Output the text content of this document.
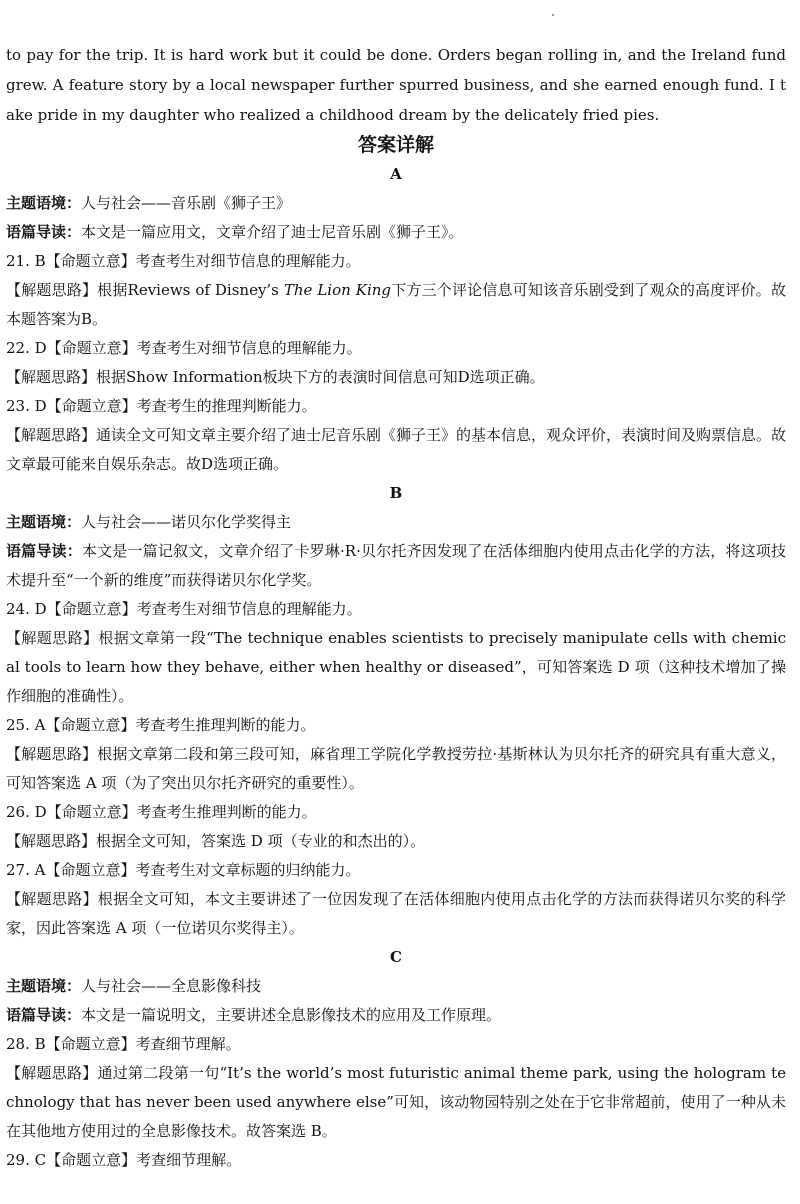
to pay for the trip. It is hard work but it could be done. Orders began rolling in, and the Ireland fund grew. A feature story by a local newspaper further spurred business, and she earned enough fund. I take pride in my daughter who realized a childhood dream by the delicately fried pies.

答案详解

A

主题语境：人与社会——音乐剧《狮子王》

语篇导读：本文是一篇应用文，文章介绍了迪士尼音乐剧《狮子王》。

21. B【命题立意】考查考生对细节信息的理解能力。

【解题思路】根据Reviews of Disney’s The Lion King下方三个评论信息可知该音乐剧受到了观众的高度评价。故本题答案为B。

22. D【命题立意】考查考生对细节信息的理解能力。

【解题思路】根据Show Information板块下方的表演时间信息可知D选项正确。

23. D【命题立意】考查考生的推理判断能力。

【解题思路】通读全文可知文章主要介绍了迪士尼音乐剧《狮子王》的基本信息，观众评价，表演时间及购票信息。故文章最可能来自娱乐杂志。故D选项正确。

B

主题语境：人与社会——诺贝尔化学奖得主

语篇导读：本文是一篇记叙文，文章介绍了卡罗琳·R·贝尔托齐因发现了在活体细胞内使用点击化学的方法，将这项技术提升至“一个新的维度”而获得诺贝尔化学奖。

24. D【命题立意】考查考生对细节信息的理解能力。

【解题思路】根据文章第一段“The technique enables scientists to precisely manipulate cells with chemical tools to learn how they behave, either when healthy or diseased”，可知答案选 D 项（这种技术增加了操作细胞的准确性）。

25. A【命题立意】考查考生推理判断的能力。

【解题思路】根据文章第二段和第三段可知，麻省理工学院化学教授劳拉·基斯林认为贝尔托齐的研究具有重大意义，可知答案选 A 项（为了突出贝尔托齐研究的重要性）。

26. D【命题立意】考查考生推理判断的能力。

【解题思路】根据全文可知，答案选 D 项（专业的和杰出的）。

27. A【命题立意】考查考生对文章标题的归纳能力。

【解题思路】根据全文可知，本文主要讲述了一位因发现了在活体细胞内使用点击化学的方法而获得诺贝尔奖的科学家，因此答案选 A 项（一位诺贝尔奖得主）。

C

主题语境：人与社会——全息影像科技

语篇导读：本文是一篇说明文，主要讲述全息影像技术的应用及工作原理。

28. B【命题立意】考查细节理解。

【解题思路】通过第二段第一句“It’s the world’s most futuristic animal theme park, using the hologram technology that has never been used anywhere else”可知，该动物园特别之处在于它非常超前，使用了一种从未在其他地方使用过的全息影像技术。故答案选 B。

29. C【命题立意】考查细节理解。
